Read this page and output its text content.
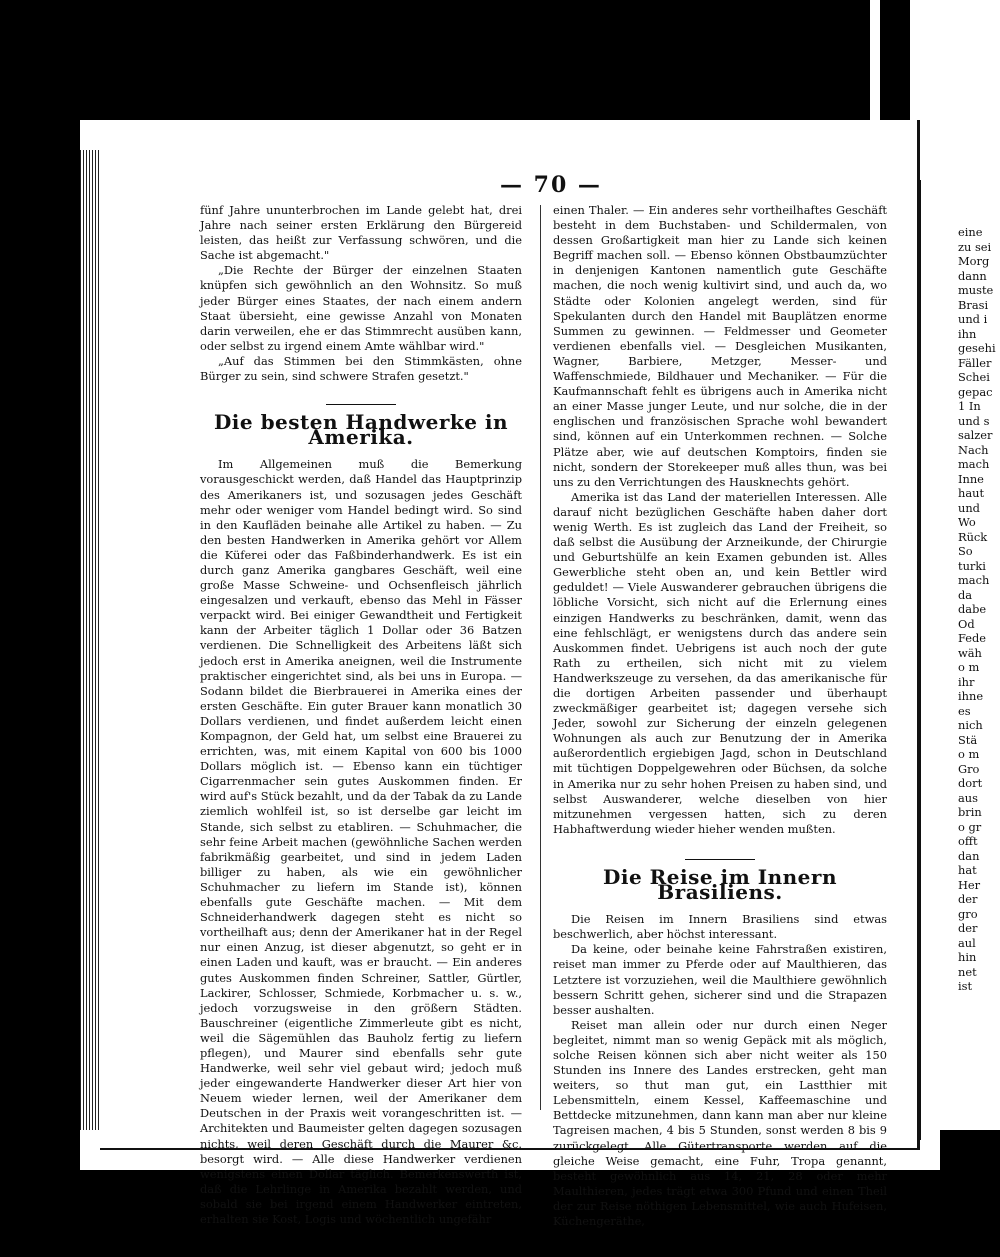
— 70 —

fünf Jahre ununterbrochen im Lande gelebt hat, drei Jahre nach seiner ersten Erklärung den Bürgereid leisten, das heißt zur Verfassung schwören, und die Sache ist abgemacht."

„Die Rechte der Bürger der einzelnen Staaten knüpfen sich gewöhnlich an den Wohnsitz. So muß jeder Bürger eines Staates, der nach einem andern Staat übersieht, eine gewisse Anzahl von Monaten darin verweilen, ehe er das Stimmrecht ausüben kann, oder selbst zu irgend einem Amte wählbar wird."

„Auf das Stimmen bei den Stimmkästen, ohne Bürger zu sein, sind schwere Strafen gesetzt."

Die besten Handwerke in Amerika.

Im Allgemeinen muß die Bemerkung vorausgeschickt werden, daß Handel das Hauptprinzip des Amerikaners ist, und sozusagen jedes Geschäft mehr oder weniger vom Handel bedingt wird. So sind in den Kaufläden beinahe alle Artikel zu haben. — Zu den besten Handwerken in Amerika gehört vor Allem die Küferei oder das Faßbinderhandwerk. Es ist ein durch ganz Amerika gangbares Geschäft, weil eine große Masse Schweine- und Ochsenfleisch jährlich eingesalzen und verkauft, ebenso das Mehl in Fässer verpackt wird. Bei einiger Gewandtheit und Fertigkeit kann der Arbeiter täglich 1 Dollar oder 36 Batzen verdienen. Die Schnelligkeit des Arbeitens läßt sich jedoch erst in Amerika aneignen, weil die Instrumente praktischer eingerichtet sind, als bei uns in Europa. — Sodann bildet die Bierbrauerei in Amerika eines der ersten Geschäfte. Ein guter Brauer kann monatlich 30 Dollars verdienen, und findet außerdem leicht einen Kompagnon, der Geld hat, um selbst eine Brauerei zu errichten, was, mit einem Kapital von 600 bis 1000 Dollars möglich ist. — Ebenso kann ein tüchtiger Cigarrenmacher sein gutes Auskommen finden. Er wird auf's Stück bezahlt, und da der Tabak da zu Lande ziemlich wohlfeil ist, so ist derselbe gar leicht im Stande, sich selbst zu etabliren. — Schuhmacher, die sehr feine Arbeit machen (gewöhnliche Sachen werden fabrikmäßig gearbeitet, und sind in jedem Laden billiger zu haben, als wie ein gewöhnlicher Schuhmacher zu liefern im Stande ist), können ebenfalls gute Geschäfte machen. — Mit dem Schneiderhandwerk dagegen steht es nicht so vortheilhaft aus; denn der Amerikaner hat in der Regel nur einen Anzug, ist dieser abgenutzt, so geht er in einen Laden und kauft, was er braucht. — Ein anderes gutes Auskommen finden Schreiner, Sattler, Gürtler, Lackirer, Schlosser, Schmiede, Korbmacher u. s. w., jedoch vorzugsweise in den größern Städten. Bauschreiner (eigentliche Zimmerleute gibt es nicht, weil die Sägemühlen das Bauholz fertig zu liefern pflegen), und Maurer sind ebenfalls sehr gute Handwerke, weil sehr viel gebaut wird; jedoch muß jeder eingewanderte Handwerker dieser Art hier von Neuem wieder lernen, weil der Amerikaner dem Deutschen in der Praxis weit vorangeschritten ist. — Architekten und Baumeister gelten dagegen sozusagen nichts, weil deren Geschäft durch die Maurer &c. besorgt wird. — Alle diese Handwerker verdienen wenigstens einen Dollar täglich. Bemerkenswerth ist, daß die Lehrlinge in Amerika bezahlt werden, und sobald sie bei irgend einem Handwerker eintreten, erhalten sie Kost, Logis und wöchentlich ungefähr

einen Thaler. — Ein anderes sehr vortheilhaftes Geschäft besteht in dem Buchstaben- und Schildermalen, von dessen Großartigkeit man hier zu Lande sich keinen Begriff machen soll. — Ebenso können Obstbaumzüchter in denjenigen Kantonen namentlich gute Geschäfte machen, die noch wenig kultivirt sind, und auch da, wo Städte oder Kolonien angelegt werden, sind für Spekulanten durch den Handel mit Bauplätzen enorme Summen zu gewinnen. — Feldmesser und Geometer verdienen ebenfalls viel. — Desgleichen Musikanten, Wagner, Barbiere, Metzger, Messer- und Waffenschmiede, Bildhauer und Mechaniker. — Für die Kaufmannschaft fehlt es übrigens auch in Amerika nicht an einer Masse junger Leute, und nur solche, die in der englischen und französischen Sprache wohl bewandert sind, können auf ein Unterkommen rechnen. — Solche Plätze aber, wie auf deutschen Komptoirs, finden sie nicht, sondern der Storekeeper muß alles thun, was bei uns zu den Verrichtungen des Hausknechts gehört.

Amerika ist das Land der materiellen Interessen. Alle darauf nicht bezüglichen Geschäfte haben daher dort wenig Werth. Es ist zugleich das Land der Freiheit, so daß selbst die Ausübung der Arzneikunde, der Chirurgie und Geburtshülfe an kein Examen gebunden ist. Alles Gewerbliche steht oben an, und kein Bettler wird geduldet! — Viele Auswanderer gebrauchen übrigens die löbliche Vorsicht, sich nicht auf die Erlernung eines einzigen Handwerks zu beschränken, damit, wenn das eine fehlschlägt, er wenigstens durch das andere sein Auskommen findet. Uebrigens ist auch noch der gute Rath zu ertheilen, sich nicht mit zu vielem Handwerkszeuge zu versehen, da das amerikanische für die dortigen Arbeiten passender und überhaupt zweckmäßiger gearbeitet ist; dagegen versehe sich Jeder, sowohl zur Sicherung der einzeln gelegenen Wohnungen als auch zur Benutzung der in Amerika außerordentlich ergiebigen Jagd, schon in Deutschland mit tüchtigen Doppelgewehren oder Büchsen, da solche in Amerika nur zu sehr hohen Preisen zu haben sind, und selbst Auswanderer, welche dieselben von hier mitzunehmen vergessen hatten, sich zu deren Habhaftwerdung wieder hieher wenden mußten.

Die Reise im Innern Brasiliens.

Die Reisen im Innern Brasiliens sind etwas beschwerlich, aber höchst interessant.

Da keine, oder beinahe keine Fahrstraßen existiren, reiset man immer zu Pferde oder auf Maulthieren, das Letztere ist vorzuziehen, weil die Maulthiere gewöhnlich bessern Schritt gehen, sicherer sind und die Strapazen besser aushalten.

Reiset man allein oder nur durch einen Neger begleitet, nimmt man so wenig Gepäck mit als möglich, solche Reisen können sich aber nicht weiter als 150 Stunden ins Innere des Landes erstrecken, geht man weiters, so thut man gut, ein Lastthier mit Lebensmitteln, einem Kessel, Kaffeemaschine und Bettdecke mitzunehmen, dann kann man aber nur kleine Tagreisen machen, 4 bis 5 Stunden, sonst werden 8 bis 9 zurückgelegt. Alle Gütertransporte werden auf die gleiche Weise gemacht, eine Fuhr, Tropa genannt, besteht gewöhnlich aus 14, 21, 28 oder mehr Maulthieren, jedes trägt etwa 300 Pfund und einen Theil der zur Reise nöthigen Lebensmittel, wie auch Hufeisen, Küchengeräthe,

eine
zu sei
Morg
dann
muste
Brasi
und i
ihn
gesehi
Fäller
Schei
gepac
1 In
und s
salzer
Nach
mach
Inne
haut
und
Wo
Rück
So
turki
mach
da
dabe
Od
Fede
wäh
o m
ihr
ihne
es
nich
Stä
o m
Gro
dort
aus
brin
o gr
offt
dan
hat
Her
der
gro
der
aul
hin
net
ist
